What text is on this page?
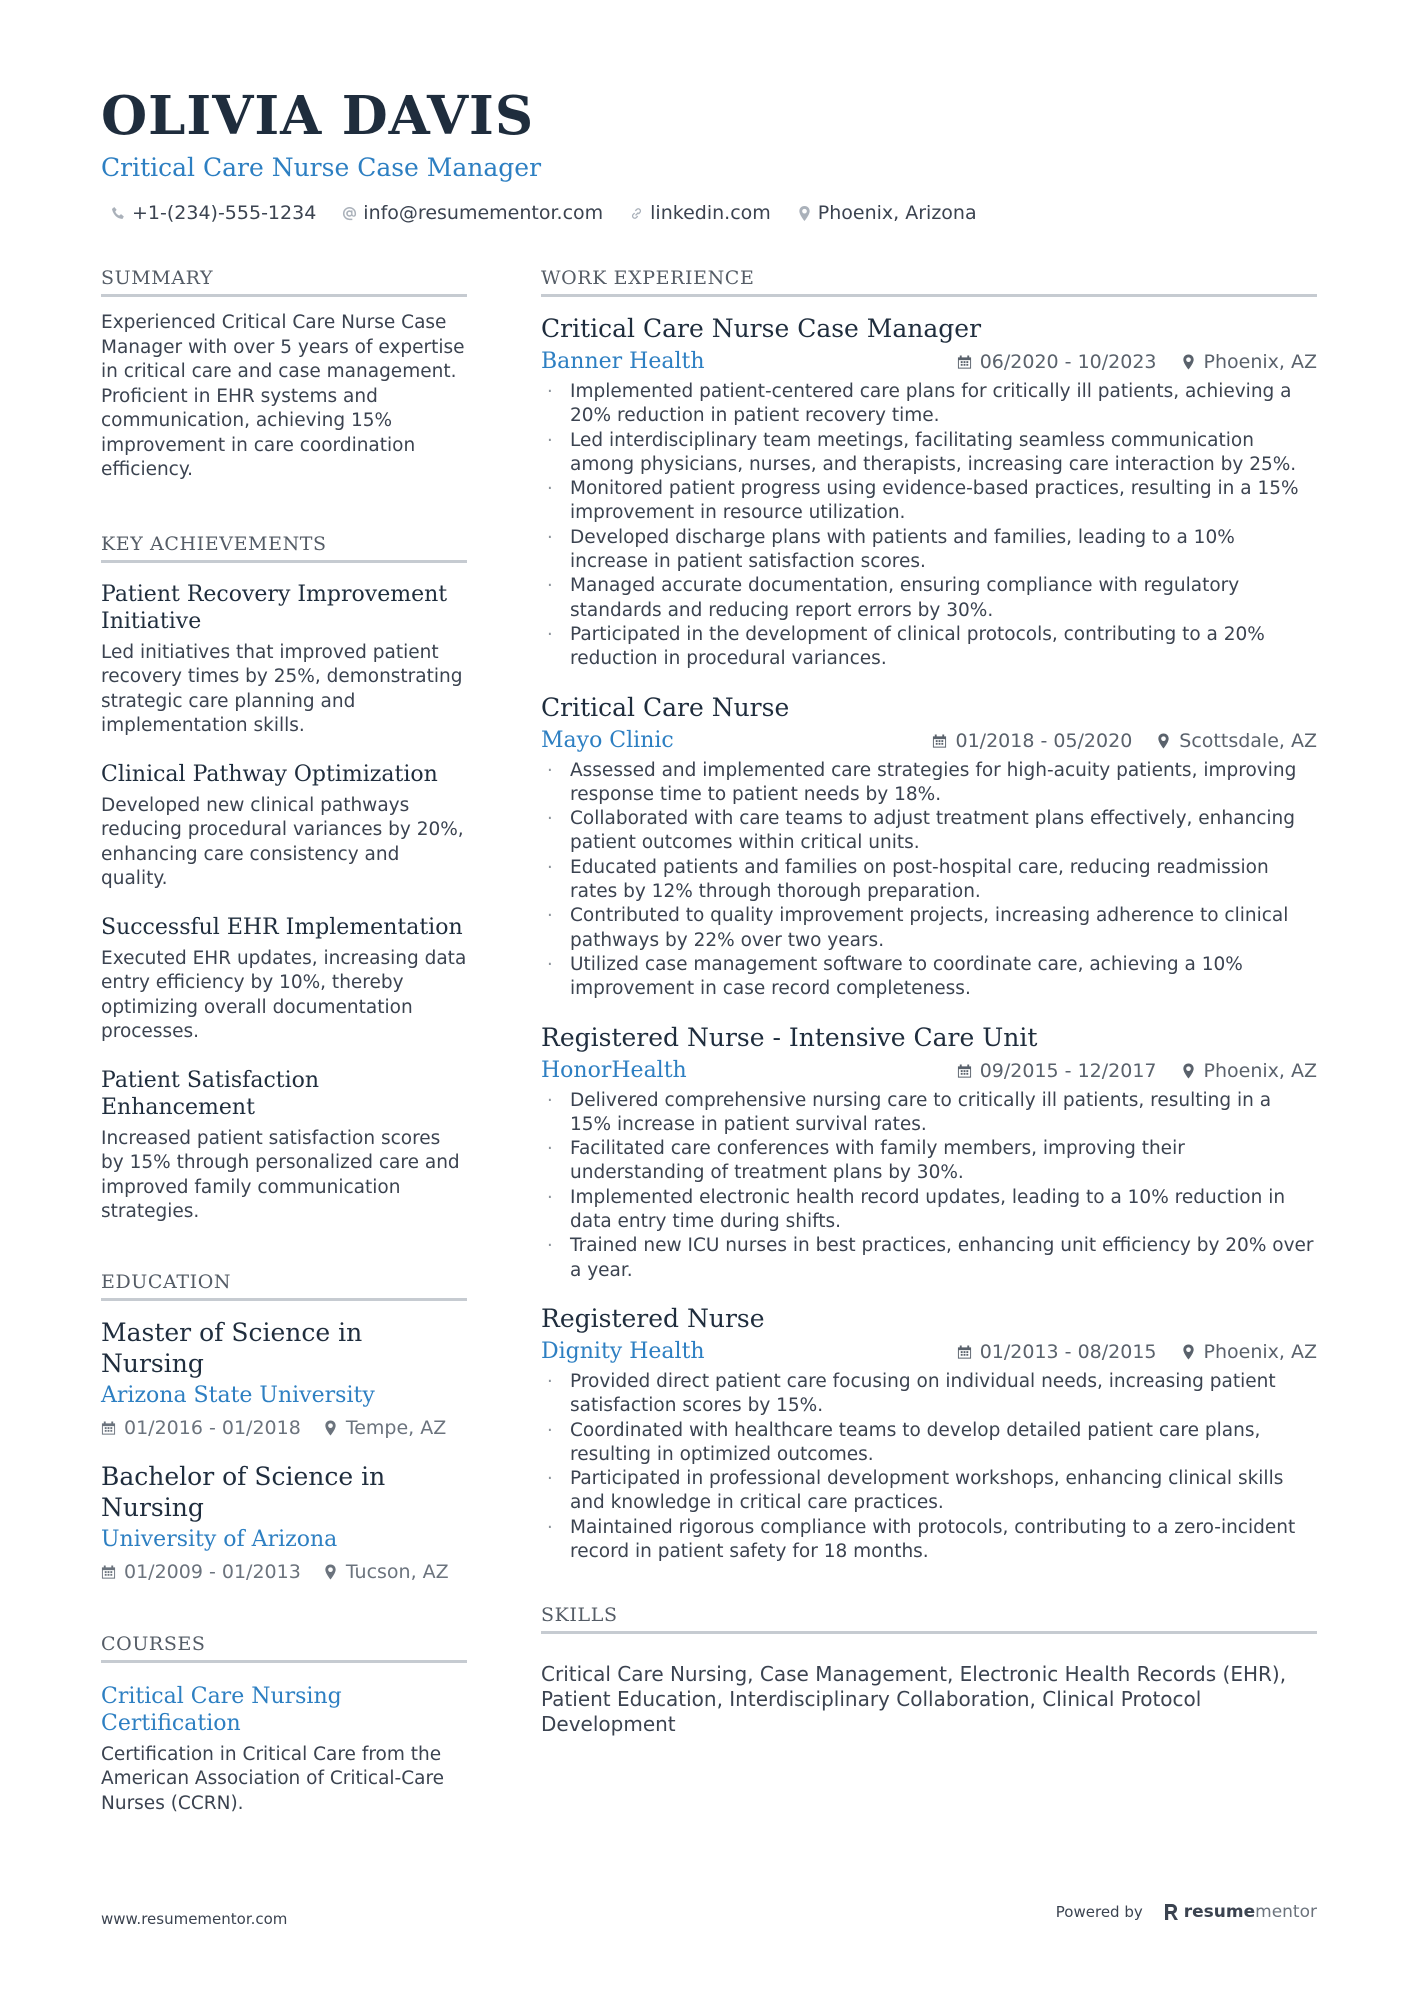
OLIVIA DAVIS
Critical Care Nurse Case Manager
+1-(234)-555-1234 info@resumementor.com linkedin.com Phoenix, Arizona
SUMMARY

Experienced Critical Care Nurse Case Manager with over 5 years of expertise in critical care and case management. Proficient in EHR systems and communication, achieving 15% improvement in care coordination efficiency.

KEY ACHIEVEMENTS
Patient Recovery Improvement Initiative

Led initiatives that improved patient recovery times by 25%, demonstrating strategic care planning and implementation skills.

Clinical Pathway Optimization

Developed new clinical pathways reducing procedural variances by 20%, enhancing care consistency and quality.

Successful EHR Implementation

Executed EHR updates, increasing data entry efficiency by 10%, thereby optimizing overall documentation processes.

Patient Satisfaction Enhancement

Increased patient satisfaction scores by 15% through personalized care and improved family communication strategies.

EDUCATION
Master of Science in Nursing
Arizona State University
01/2016 - 01/2018 Tempe, AZ
Bachelor of Science in Nursing
University of Arizona
01/2009 - 01/2013 Tucson, AZ
COURSES
Critical Care Nursing Certification

Certification in Critical Care from the American Association of Critical-Care Nurses (CCRN).

WORK EXPERIENCE
Critical Care Nurse Case Manager
Banner Health	06/2020 - 10/2023 Phoenix, AZ
· Implemented patient-centered care plans for critically ill patients, achieving a 20% reduction in patient recovery time.
· Led interdisciplinary team meetings, facilitating seamless communication among physicians, nurses, and therapists, increasing care interaction by 25%.
· Monitored patient progress using evidence-based practices, resulting in a 15% improvement in resource utilization.
· Developed discharge plans with patients and families, leading to a 10% increase in patient satisfaction scores.
· Managed accurate documentation, ensuring compliance with regulatory standards and reducing report errors by 30%.
· Participated in the development of clinical protocols, contributing to a 20% reduction in procedural variances.
Critical Care Nurse
Mayo Clinic	01/2018 - 05/2020 Scottsdale, AZ
· Assessed and implemented care strategies for high-acuity patients, improving response time to patient needs by 18%.
· Collaborated with care teams to adjust treatment plans effectively, enhancing patient outcomes within critical units.
· Educated patients and families on post-hospital care, reducing readmission rates by 12% through thorough preparation.
· Contributed to quality improvement projects, increasing adherence to clinical pathways by 22% over two years.
· Utilized case management software to coordinate care, achieving a 10% improvement in case record completeness.
Registered Nurse - Intensive Care Unit
HonorHealth	09/2015 - 12/2017 Phoenix, AZ
· Delivered comprehensive nursing care to critically ill patients, resulting in a 15% increase in patient survival rates.
· Facilitated care conferences with family members, improving their understanding of treatment plans by 30%.
· Implemented electronic health record updates, leading to a 10% reduction in data entry time during shifts.
· Trained new ICU nurses in best practices, enhancing unit efficiency by 20% over a year.
Registered Nurse
Dignity Health	01/2013 - 08/2015 Phoenix, AZ
· Provided direct patient care focusing on individual needs, increasing patient satisfaction scores by 15%.
· Coordinated with healthcare teams to develop detailed patient care plans, resulting in optimized outcomes.
· Participated in professional development workshops, enhancing clinical skills and knowledge in critical care practices.
· Maintained rigorous compliance with protocols, contributing to a zero-incident record in patient safety for 18 months.
SKILLS

Critical Care Nursing, Case Management, Electronic Health Records (EHR), Patient Education, Interdisciplinary Collaboration, Clinical Protocol Development

www.resumementor.com	Powered by resume mentor
